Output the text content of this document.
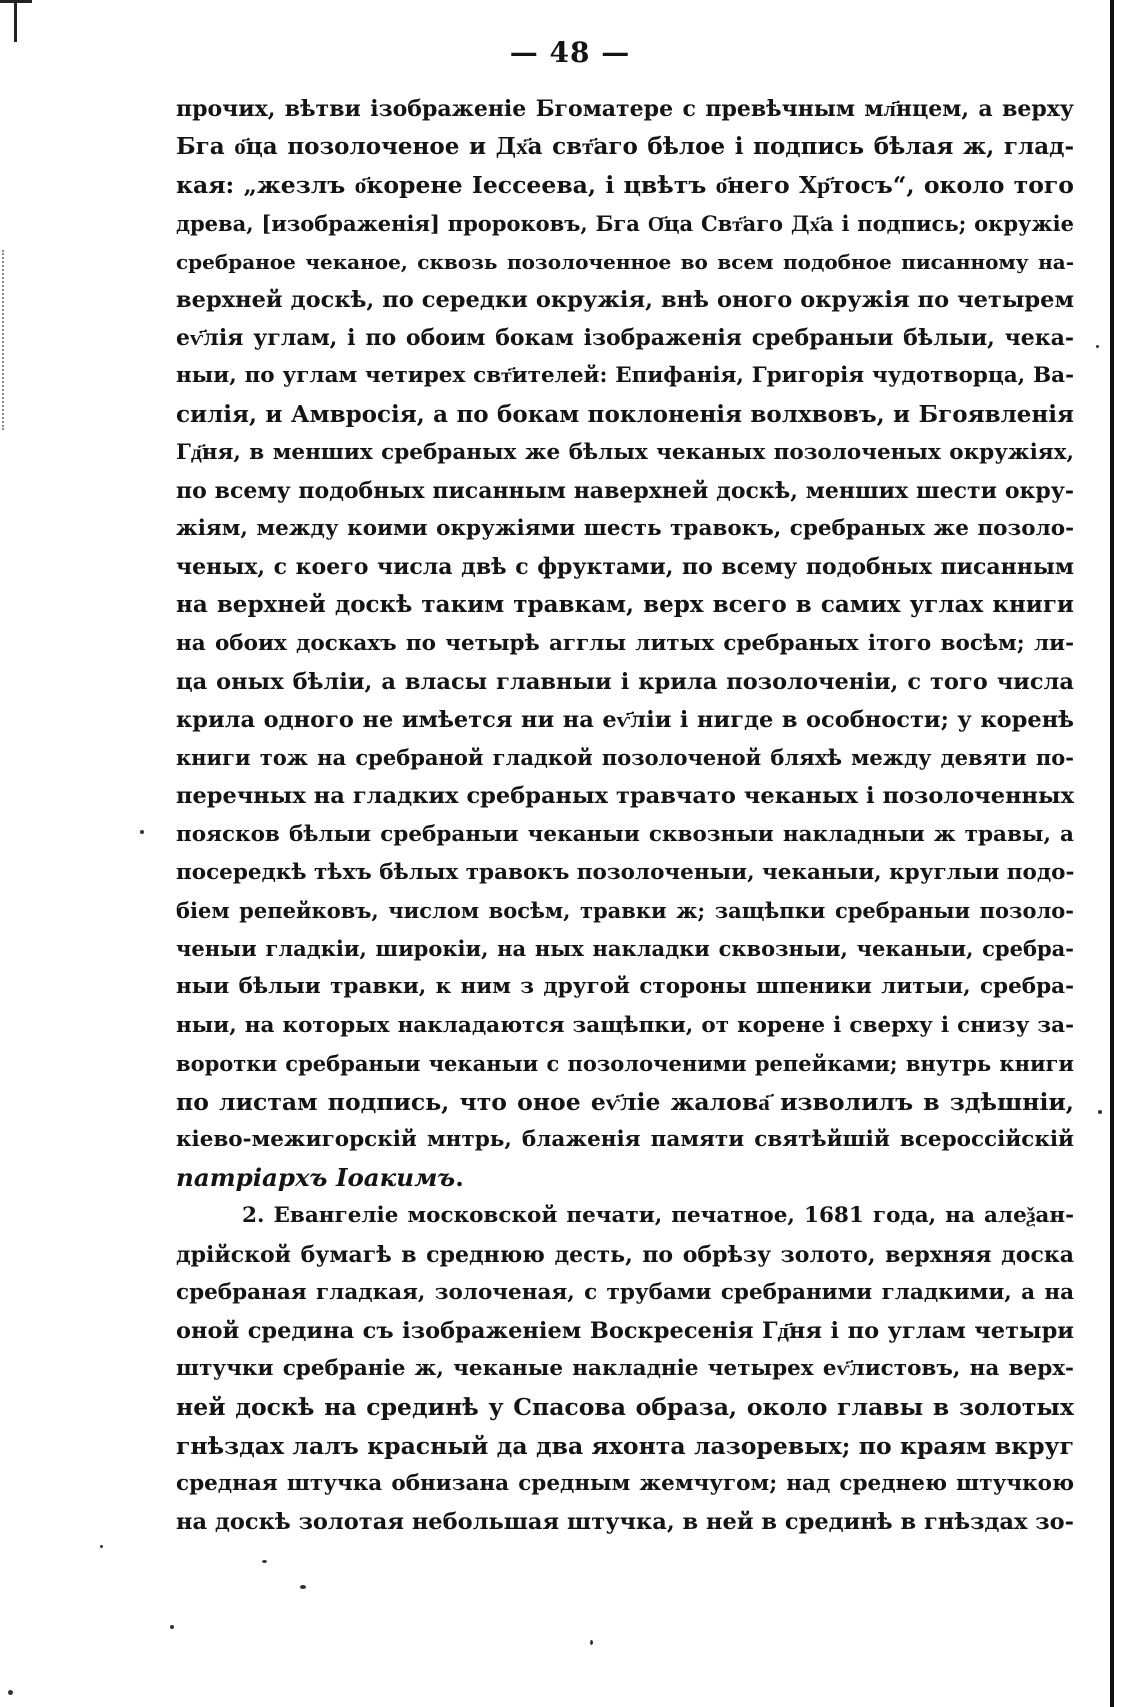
— 48 —
прочих, вѣтви ізображеніе Бгоматере с превѣчным мл҃нцем, а верху
Бга о҃ца позолоченое и Дх҃а свт҃аго бѣлое і подпись бѣлая ж, глад-
кая: „жезлъ о҃корене Іессеева, і цвѣтъ о҃него Хр҃тосъ“, около того
древа, [изображенія] пророковъ, Бга О҃ца Свт҃аго Дх҃а і подпись; окружіе
сребраное чеканое, сквозь позолоченное во всем подобное писанному на-
верхней доскѣ, по середки окружія, внѣ оного окружія по четырем
еѵ҃лія углам, і по обоим бокам ізображенія сребраныи бѣлыи, чека-
ныи, по углам четирех свт҃ителей: Епифанія, Григорія чудотворца, Ва-
силія, и Амвросія, а по бокам поклоненія волхвовъ, и Бгоявленія
Гд҃ня, в менших сребраных же бѣлых чеканых позолоченых окружіях,
по всему подобных писанным наверхней доскѣ, менших шести окру-
жіям, между коими окружіями шесть травокъ, сребраных же позоло-
ченых, с коего числа двѣ с фруктами, по всему подобных писанным
на верхней доскѣ таким травкам, верх всего в самих углах книги
на обоих доскахъ по четырѣ агглы литых сребраных ітого восѣм; ли-
ца оных бѣліи, а власы главныи і крила позолоченіи, с того числа
крила одного не имѣется ни на еѵ҃ліи і нигде в особности; у коренѣ
книги тож на сребраной гладкой позолоченой бляхѣ между девяти по-
перечных на гладких сребраных травчато чеканых і позолоченных
поясков бѣлыи сребраныи чеканыи сквозныи накладныи ж травы, а
посередкѣ тѣхъ бѣлых травокъ позолоченыи, чеканыи, круглыи подо-
біем репейковъ, числом восѣм, травки ж; защѣпки сребраныи позоло-
ченыи гладкіи, широкіи, на ных накладки сквозныи, чеканыи, сребра-
ныи бѣлыи травки, к ним з другой стороны шпеники литыи, сребра-
ныи, на которых накладаются защѣпки, от корене і сверху і снизу за-
воротки сребраныи чеканыи с позолоченими репейками; внутрь книги
по листам подпись, что оное еѵ҃ліе жалова҃ изволилъ в здѣшніи,
кіево-межигорскій мнтрь, блаженія памяти святѣйшій всероссійскій
патріархъ Іоакимъ.
2. Евангеліе московской печати, печатное, 1681 года, на алеѯан-
дрійской бумагѣ в среднюю десть, по обрѣзу золото, верхняя доска
сребраная гладкая, золоченая, с трубами сребраними гладкими, а на
оной средина съ ізображеніем Воскресенія Гд҃ня і по углам четыри
штучки сребраніе ж, чеканые накладніе четырех еѵ҃листовъ, на верх-
ней доскѣ на срединѣ у Спасова образа, около главы в золотых
гнѣздах лалъ красный да два яхонта лазоревых; по краям вкруг
средная штучка обнизана средным жемчугом; над среднею штучкою
на доскѣ золотая небольшая штучка, в ней в срединѣ в гнѣздах зо-
